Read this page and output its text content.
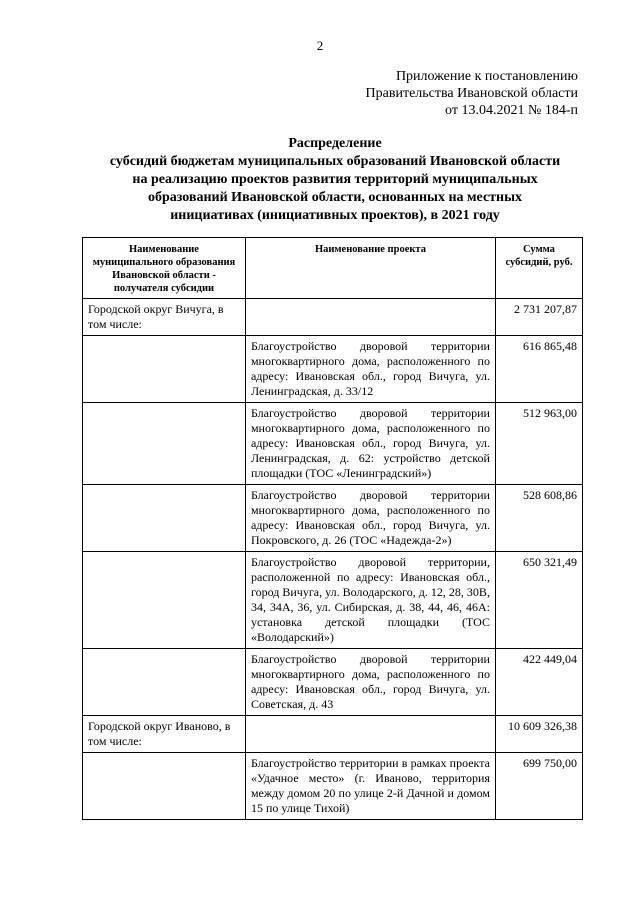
2
Приложение к постановлению
Правительства Ивановской области
от 13.04.2021 № 184-п
Распределение
субсидий бюджетам муниципальных образований Ивановской области
на реализацию проектов развития территорий муниципальных
образований Ивановской области, основанных на местных
инициативах (инициативных проектов), в 2021 году
Наименование муниципального образования Ивановской области - получателя субсидии	Наименование проекта	Сумма субсидий, руб.
Городской округ Вичуга, в том числе:		2 731 207,87
	Благоустройство дворовой территории многоквартирного дома, расположенного по адресу: Ивановская обл., город Вичуга, ул. Ленинградская, д. 33/12	616 865,48
	Благоустройство дворовой территории многоквартирного дома, расположенного по адресу: Ивановская обл., город Вичуга, ул. Ленинградская, д. 62: устройство детской площадки (ТОС «Ленинградский»)	512 963,00
	Благоустройство дворовой территории многоквартирного дома, расположенного по адресу: Ивановская обл., город Вичуга, ул. Покровского, д. 26 (ТОС «Надежда-2»)	528 608,86
	Благоустройство дворовой территории, расположенной по адресу: Ивановская обл., город Вичуга, ул. Володарского, д. 12, 28, 30В, 34, 34А, 36, ул. Сибирская, д. 38, 44, 46, 46А: установка детской площадки (ТОС «Володарский»)	650 321,49
	Благоустройство дворовой территории многоквартирного дома, расположенного по адресу: Ивановская обл., город Вичуга, ул. Советская, д. 43	422 449,04
Городской округ Иваново, в том числе:		10 609 326,38
	Благоустройство территории в рамках проекта «Удачное место» (г. Иваново, территория между домом 20 по улице 2-й Дачной и домом 15 по улице Тихой)	699 750,00
